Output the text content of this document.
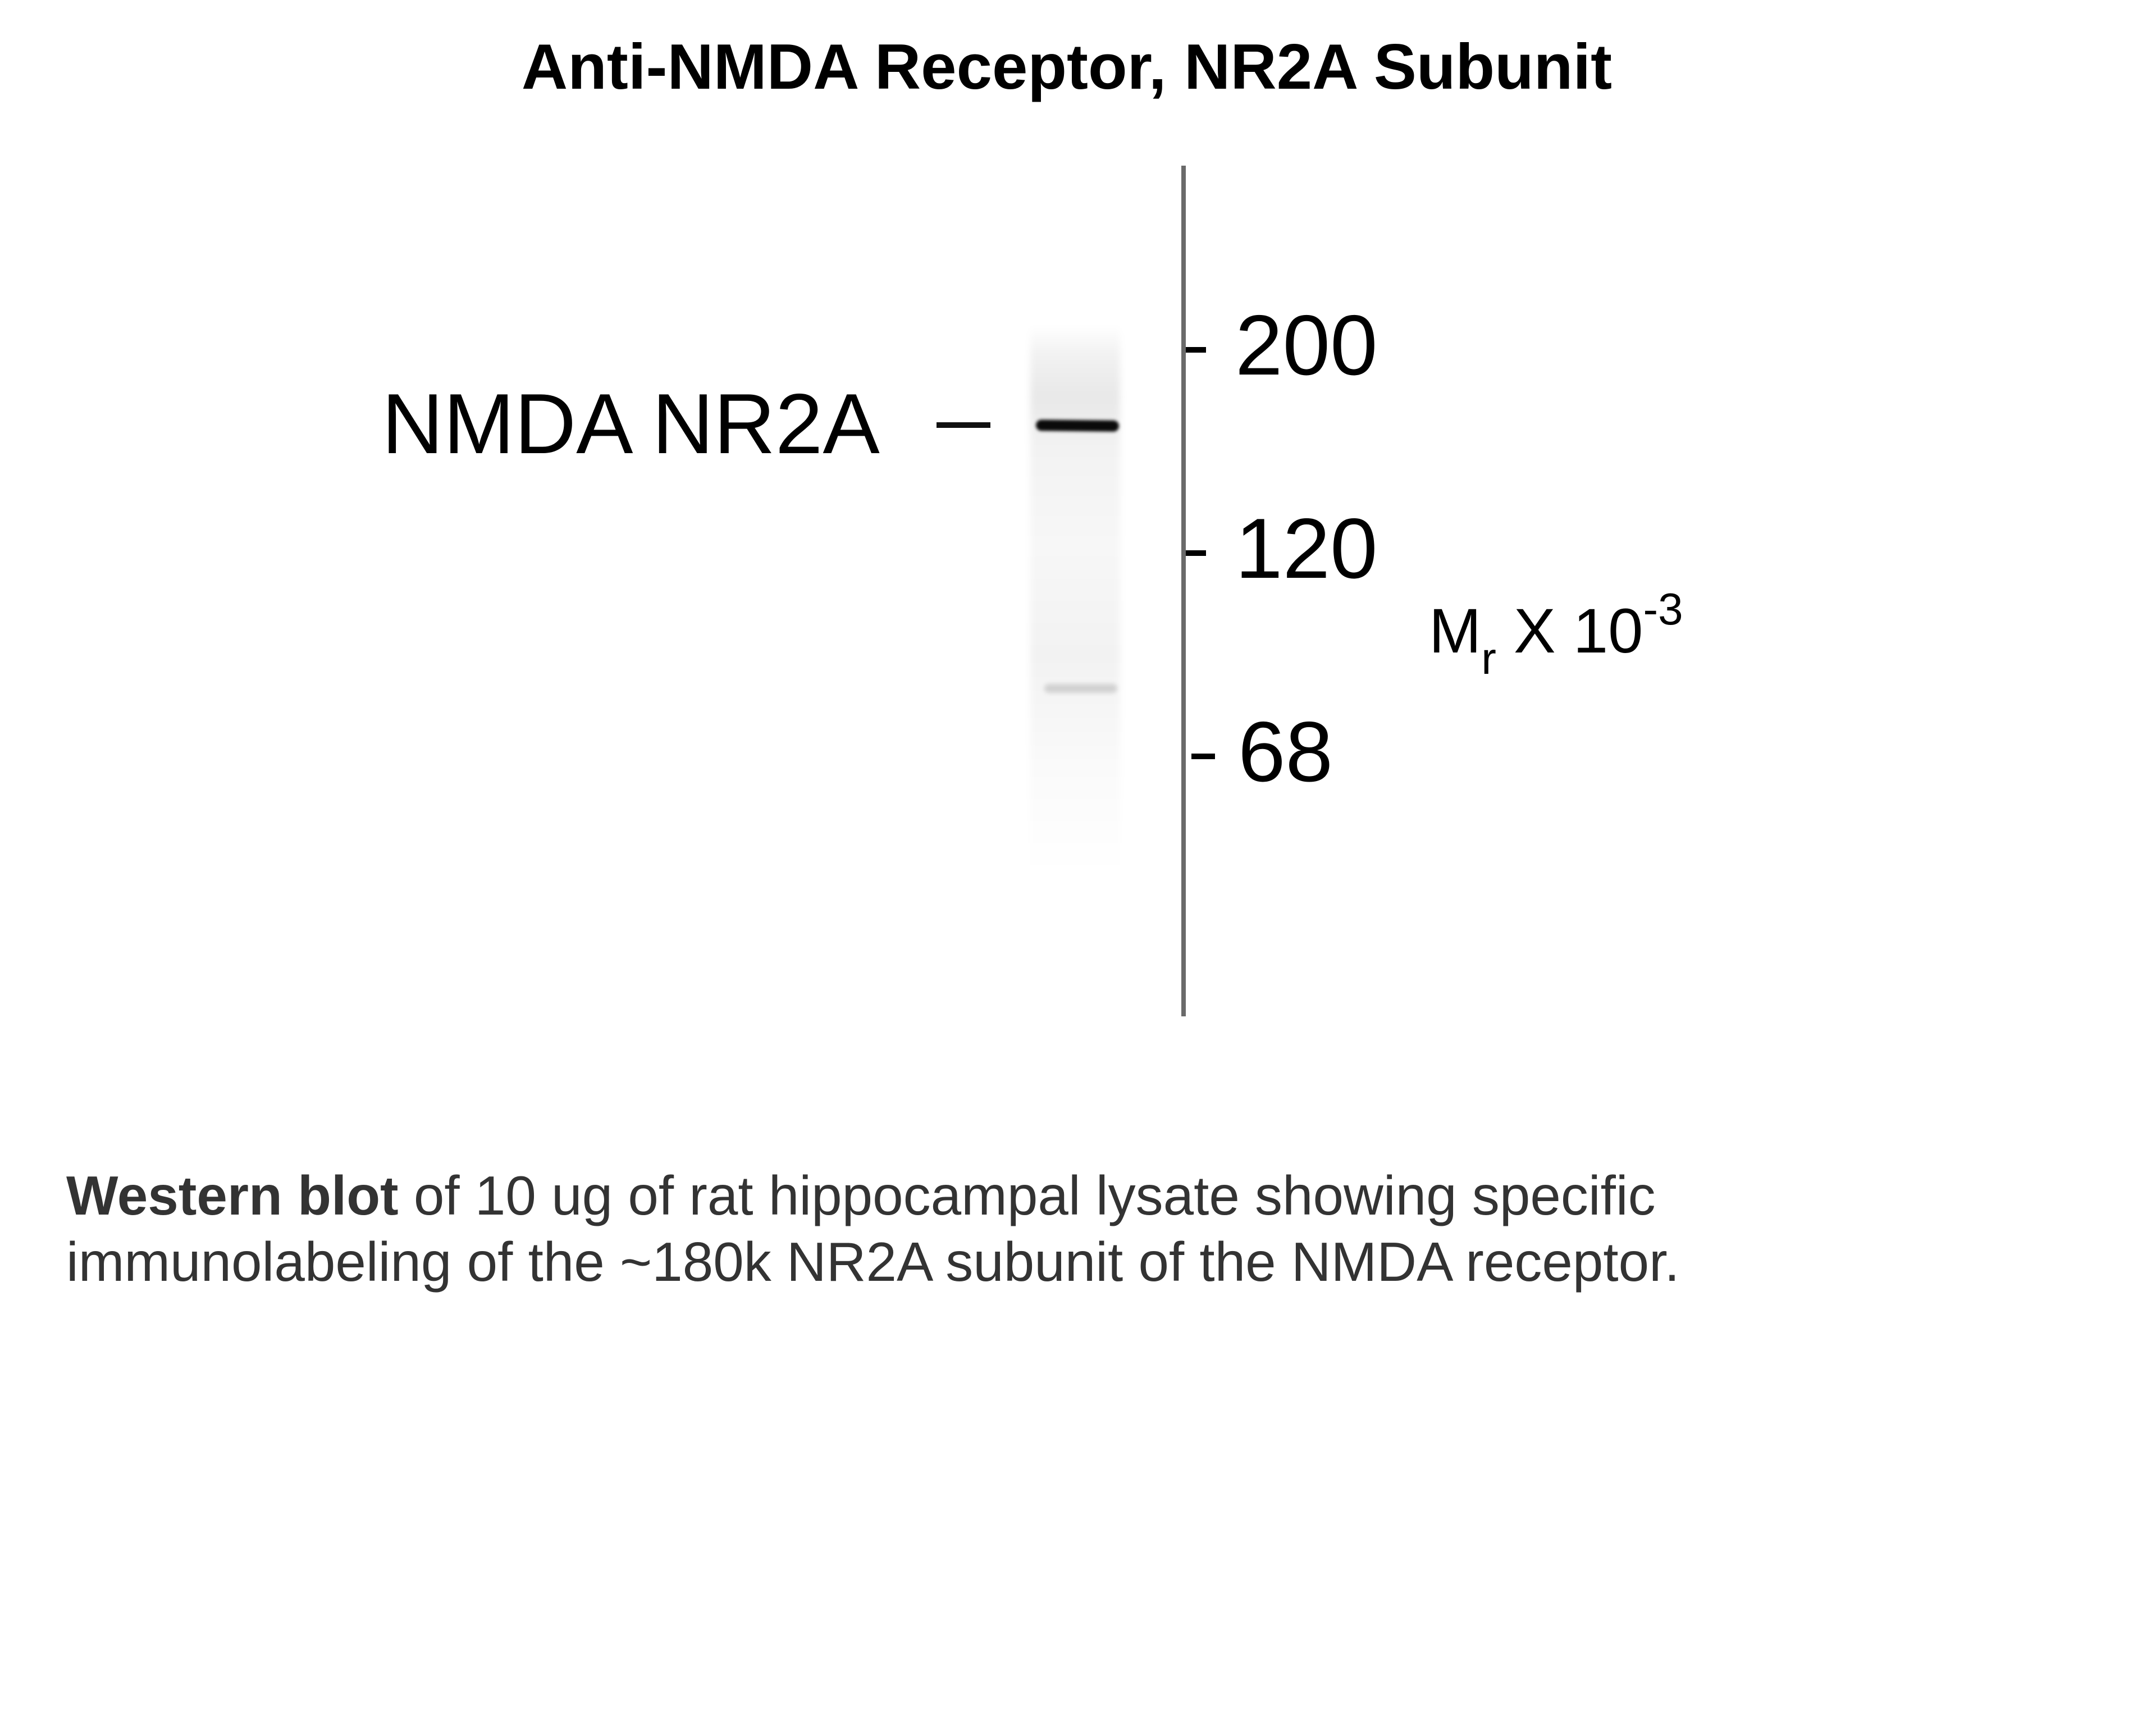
Anti-NMDA Receptor, NR2A Subunit
NMDA NR2A
200
120
68
$M_r$ X $10^{-3}$
Western blot of 10 ug of rat hippocampal lysate showing specific
immunolabeling of the ~180k NR2A subunit of the NMDA receptor.
